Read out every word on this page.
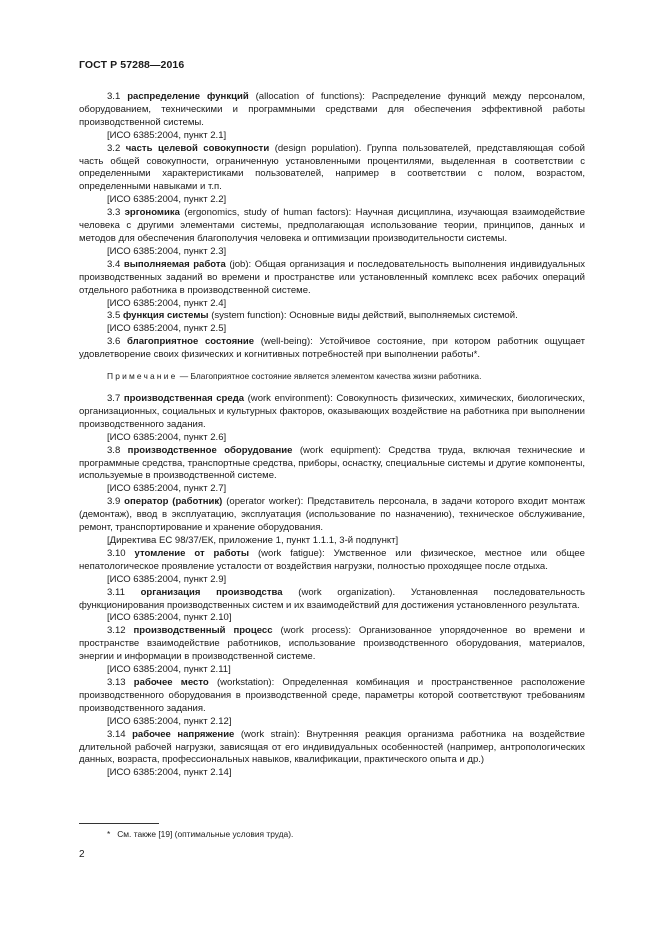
ГОСТ Р 57288—2016

3.1 распределение функций (allocation of functions): Распределение функций между персоналом, оборудованием, техническими и программными средствами для обеспечения эффективной работы производственной системы.

[ИСО 6385:2004, пункт 2.1]

3.2 часть целевой совокупности (design population). Группа пользователей, представляющая собой часть общей совокупности, ограниченную установленными процентилями, выделенная в соответствии с определенными характеристиками пользователей, например в соответствии с полом, возрастом, определенными навыками и т.п.

[ИСО 6385:2004, пункт 2.2]

3.3 эргономика (ergonomics, study of human factors): Научная дисциплина, изучающая взаимодействие человека с другими элементами системы, предполагающая использование теории, принципов, данных и методов для обеспечения благополучия человека и оптимизации производительности системы.

[ИСО 6385:2004, пункт 2.3]

3.4 выполняемая работа (job): Общая организация и последовательность выполнения индивидуальных производственных заданий во времени и пространстве или установленный комплекс всех рабочих операций отдельного работника в производственной системе.

[ИСО 6385:2004, пункт 2.4]

3.5 функция системы (system function): Основные виды действий, выполняемых системой.

[ИСО 6385:2004, пункт 2.5]

3.6 благоприятное состояние (well-being): Устойчивое состояние, при котором работник ощущает удовлетворение своих физических и когнитивных потребностей при выполнении работы*.

Примечание — Благоприятное состояние является элементом качества жизни работника.

3.7 производственная среда (work environment): Совокупность физических, химических, биологических, организационных, социальных и культурных факторов, оказывающих воздействие на работника при выполнении производственного задания.

[ИСО 6385:2004, пункт 2.6]

3.8 производственное оборудование (work equipment): Средства труда, включая технические и программные средства, транспортные средства, приборы, оснастку, специальные системы и другие компоненты, используемые в производственной системе.

[ИСО 6385:2004, пункт 2.7]

3.9 оператор (работник) (operator worker): Представитель персонала, в задачи которого входит монтаж (демонтаж), ввод в эксплуатацию, эксплуатация (использование по назначению), техническое обслуживание, ремонт, транспортирование и хранение оборудования.

[Директива ЕС 98/37/ЕК, приложение 1, пункт 1.1.1, 3-й подпункт]

3.10 утомление от работы (work fatigue): Умственное или физическое, местное или общее непатологическое проявление усталости от воздействия нагрузки, полностью проходящее после отдыха.

[ИСО 6385:2004, пункт 2.9]

3.11 организация производства (work organization). Установленная последовательность функционирования производственных систем и их взаимодействий для достижения установленного результата.

[ИСО 6385:2004, пункт 2.10]

3.12 производственный процесс (work process): Организованное упорядоченное во времени и пространстве взаимодействие работников, использование производственного оборудования, материалов, энергии и информации в производственной системе.

[ИСО 6385:2004, пункт 2.11]

3.13 рабочее место (workstation): Определенная комбинация и пространственное расположение производственного оборудования в производственной среде, параметры которой соответствуют требованиям производственного задания.

[ИСО 6385:2004, пункт 2.12]

3.14 рабочее напряжение (work strain): Внутренняя реакция организма работника на воздействие длительной рабочей нагрузки, зависящая от его индивидуальных особенностей (например, антропологических данных, возраста, профессиональных навыков, квалификации, практического опыта и др.)

[ИСО 6385:2004, пункт 2.14]

* См. также [19] (оптимальные условия труда).
2
